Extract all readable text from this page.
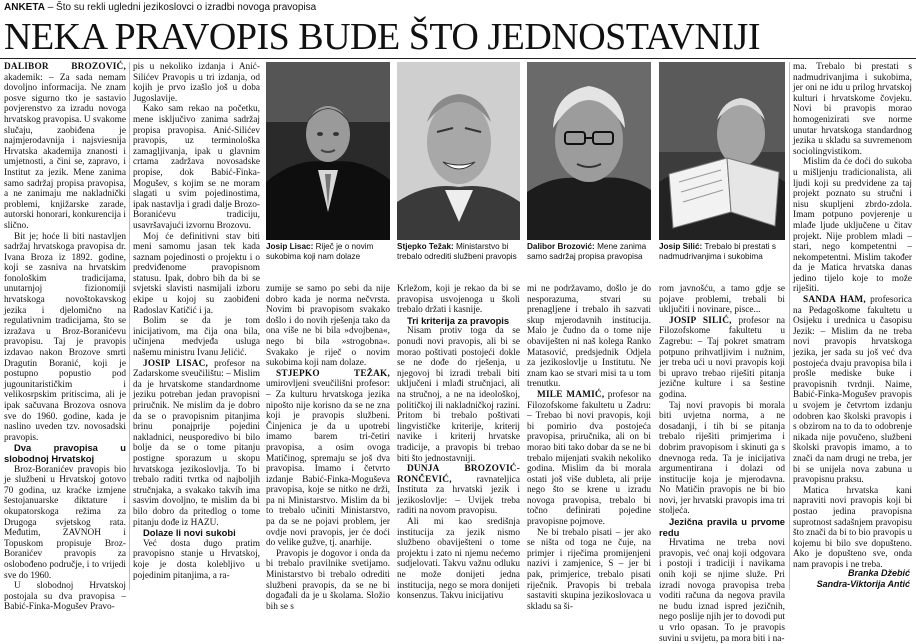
ANKETA – Što su rekli ugledni jezikoslovci o izradbi novoga pravopisa
NEKA PRAVOPIS BUDE ŠTO JEDNOSTAVNIJI

DALIBOR BROZOVIĆ, akademik: – Za sada nemam dovoljno informacija. Ne znam posve sigurno tko je sastavio povjerenstvo za izradu novoga hrvatskog pravopisa. U svakome slučaju, zaobiđena je najmjerodavnija i najsviesnija Hrvatska akademija znanosti i umjetnosti, a čini se, zapravo, i Institut za jezik. Mene zanima samo sadržaj propisa pravopisa, a ne zanimaju me nakladnički problemi, knjižarske zarade, autorski honorari, konkurencija i slično.

Bit je; hoće li biti nastavljen sadržaj hrvatskoga pravopisa dr. Ivana Broza iz 1892. godine, koji se zasniva na hrvatskim fonološkim tradicijama, unutarnjoj fizionomiji hrvatskoga novoštokavskog jezika i djelomično na regulativnim tradicijama, što se izražava u Broz-Boranićevu pravopisu. Taj je pravopis izdavao nakon Brozove smrti Dragutin Boranić, koji je postupno popustio pod jugounitarističkim i velikosrpskim pritiscima, ali je ipak sačuvana Brozova osnova sve do 1960. godine, kada je naslino uveden tzv. novosadski pravopis.

Dva pravopisa u slobodnoj Hrvatskoj

Broz-Boranićev pravopis bio je službeni u Hrvatskoj gotovo 70 godina, uz kraćke izmjene šestojanuarske diktature i okupatorskoga režima za Drugoga svjetskog rata. Međutim, ZAVNOH i Topuskom propisuje Broz-Boranićev pravopis za oslobođeno područje, i to vrijedi sve do 1960.

U slobodnoj Hrvatskoj postojala su dva pravopisa – Babić-Finka-Mogušev Pravo-

pis u nekoliko izdanja i Anić-Silićev Pravopis u tri izdanja, od kojih je prvo izašlo još u doba Jugoslavije.

Kako sam rekao na početku, mene isključivo zanima sadržaj propisa pravopisa. Anić-Silićev pravopis, uz terminološka zamagljivanja, ipak u glavnim crtama zadržava novosadske propise, dok Babić-Finka-Mogušev, s kojim se ne moram slagati u svim pojedinostima, ipak nastavlja i gradi dalje Brozo-Boranićevu tradiciju, usavršavajući izvornu Brozovu.

Moj će definitivni stav biti meni samomu jasan tek kada saznam pojedinosti o projektu i o predviđenome pravopisnom statusu. Ipak, dobro bih da bi se svjetski slavisti nasmijali izboru ekipe u kojoj su zaobiđeni Radoslav Katičić i ja.

Bolim se da je tom inicijativom, ma čija ona bila, učinjena medvjeđa usluga našemu ministru Ivanu Jelićić.

JOSIP LISAC, profesor na Zadarskome sveučilištu: – Mislim da je hrvatskome standardnome jeziku potreban jedan pravopisni priručnik. Ne mislim da je dobro da se o pravopisnim pitanjima brinu ponajprije pojedini nakladnici, neusporedivo bi bilo bolje da se o tome pitanju postigne sporazum u skopu hrvatskoga jezikoslovlja. To bi trebalo raditi tvrtka od najboljih stručnjaka, a svakako takvih ima sasvim dovoljno, te mislim da bi bilo dobro da pritedlog o tome pitanju dođe iz HAZU.

Dolaze li novi sukobi

Već dosta dugo pratim pravopisno stanje u Hrvatskoj, koje je dosta kolebljivo u pojedinim pitanjima, a ra-

Josip Lisac: Riječ je o novim sukobima koji nam dolaze
Stjepko Težak: Ministarstvo bi trebalo odrediti službeni pravopis
Dalibor Brozović: Mene zanima samo sadržaj propisa pravopisa
Josip Silić: Trebalo bi prestati s nadmudrivanjima i sukobima

zumije se samo po sebi da nije dobro kada je norma nečvrsta. Novim bi pravopisom svakako došlo i do novih rješenja tako da ona više ne bi bila »dvojbena«, nego bi bila »strogobna«. Svakako je riječ o novim sukobima koji nam dolaze.

STJEPKO TEŽAK, umirovljeni sveučilišni profesor: – Za kulturu hrvatskoga jezika nipošto nije korisno da se ne zna koji je pravopis službeni. Činjenica je da u upotrebi imamo barem tri-četiri pravopisa, a osim ovoga Matičinog, spremaju se još dva pravopisa. Imamo i četvrto izdanje Babić-Finka-Moguševa pravopisa, koje se nitko ne drži, pa ni Ministarstvo. Mislim da bi to trebalo učiniti Ministarstvo, pa da se ne pojavi problem, jer ovdje novi pravopis, jer će doći do velike gužve, tj. anarhije.

Pravopis je dogovor i onda da bi trebalo pravilnike svetijamo. Ministarstvo bi trebalo odrediti službeni pravopis, da se ne bi događali da je u školama. Složio bih se s

Krležom, koji je rekao da bi se pravopisa usvojenoga u školi trebalo držati i kasnije.

Tri kriterija za pravopis

Nisam protiv toga da se ponudi novi pravopis, ali bi se morao poštivati postojeći dokle se ne dođe do rješenja, u njegovoj bi izradi trebali biti uključeni i mlađi stručnjaci, ali na stručnoj, a ne na ideološkoj, političkoj ili nakladničkoj razini. Pritom bi trebalo poštivati lingvističke kriterije, kriterij navike i kriterij hrvatske tradicije, a pravopis bi trebao biti što jednostavniji.

DUNJA BROZOVIĆ-RONČEVIĆ, ravnateljica Instituta za hrvatski jezik i jezikoslovlje: – Uvijek treba raditi na novom pravopisu.

Ali mi kao središnja institucija za jezik nismo službeno obaviješteni o tome projektu i zato ni njemu nećemo sudjelovati. Takvu važnu odluku ne može donijeti jedna institucija, nego se mora donijeti konsenzus. Takvu inicijativu

mi ne podržavamo, došlo je do nesporazuma, stvari su prenagljene i trebalo ih sazvati skup mjerodavnih institucija. Malo je čudno da o tome nije obaviješten ni naš kolega Ranko Matasović, predsjednik Odjela za jezikoslovlje u Institutu. Ne znam kao se stvari misi ta u tom trenutku.

MILE MAMIĆ, profesor na Filozofskome fakultetu u Zadru: – Trebao bi novi pravopis, koji bi pomirio dva postojeća pravopisa, priručnika, ali on bi morao biti tako dobar da se ne bi trebalo mijenjati svakih nekoliko godina. Mislim da bi morala ostati još više dubleta, ali prije nego što se krene u izradu novoga pravopisa, trebalo bi točno definirati pojedine pravopisne pojmove.

Ne bi trebalo pisati – jer ako se ništa od toga ne čuje, na primjer i riječima promijenjeni nazivi i zamjenice, S – jer bi pak, primjerice, trebalo pisati riječnik. Pravopis bi trebala sastaviti skupina jezikoslovaca u skladu sa ši-

rom javnošću, a tamo gdje se pojave problemi, trebali bi uključiti i novinare, pisce...

JOSIP SILIĆ, profesor na Filozofskome fakultetu u Zagrebu: – Taj pokret smatram potpuno prihvatljivim i nužnim, jer treba ući u novi pravopis koji bi upravo trebao riješiti pitanja jezične kulture i sa šestine godina.

Taj novi pravopis bi morala biti uvjetna norma, a ne dosadanji, i tih bi se pitanja trebalo riješiti primjerima i dobrim pravopisom i skinuti ga s dnevnoga reda. Ta je inicijativa argumentirana i dolazi od institucije koja je mjerodavna. No Matičin pravopis ne bi bio novi, jer hrvatski pravopis ima tri stoljeća.

Jezična pravila u prvome redu

Hrvatima ne treba novi pravopis, već onaj koji odgovara i postoji i tradiciji i navikama onih koji se njime služe. Pri izradi novoga pravopisa treba voditi računa da negova pravila ne budu iznad ispred jezičnih, nego poslije njih jer to dovodi put u vrlo opasan. To je pravopis suvini u svijetu, pa mora biti i na-

ma. Trebalo bi prestati s nadmudrivanjima i sukobima, jer oni ne idu u prilog hrvatskoj kulturi i hrvatskome čovjeku. Novi bi pravopis morao homogenizirati sve norme unutar hrvatskoga standardnog jezika u skladu sa suvremenom sociolingvistikom.

Mislim da će doći do sukoba u mišljenju tradicionalista, ali ljudi koji su predvidene za taj projekt poznato su stručni i nisu skupljeni zbrdo-zdola. Imam potpuno povjerenje u mlađe ljude uključene u čitav projekt. Nije problem mladi – stari, nego kompetentni – nekompetentni. Mislim također da je Matica hrvatska danas jedino tijelo koje to može riješiti.

SANDA HAM, profesorica na Pedagoškome fakultetu u Osijeku i urednica u časopisu Jezik: – Mislim da ne treba novi pravopis hrvatskoga jezika, jer sada su još već dva postojeća dvaju pravopisa bila i prošle mediske buke i pravopisnih tvrdnji. Naime, Babić-Finka-Mogušev pravopis u svojem je četvrtom izdanju odobren kao školski pravopis i s obzirom na to da to odobrenje nikada nije povučeno, službeni školski pravopis imamo, a to znači da nam drugi ne treba, jer bi se unijela nova zabuna u pravopisnu praksu.

Matica hrvatska kani napraviti novi pravopis koji bi postao jedina pravopisna suprotnost sadašnjem pravopisu što znači da bi to bio pravopis u kojemu bi bilo sve dopušteno. Ako je dopušteno sve, onda nam pravopis i ne treba.

Branka Džebić
Sandra-Viktorija Antić
